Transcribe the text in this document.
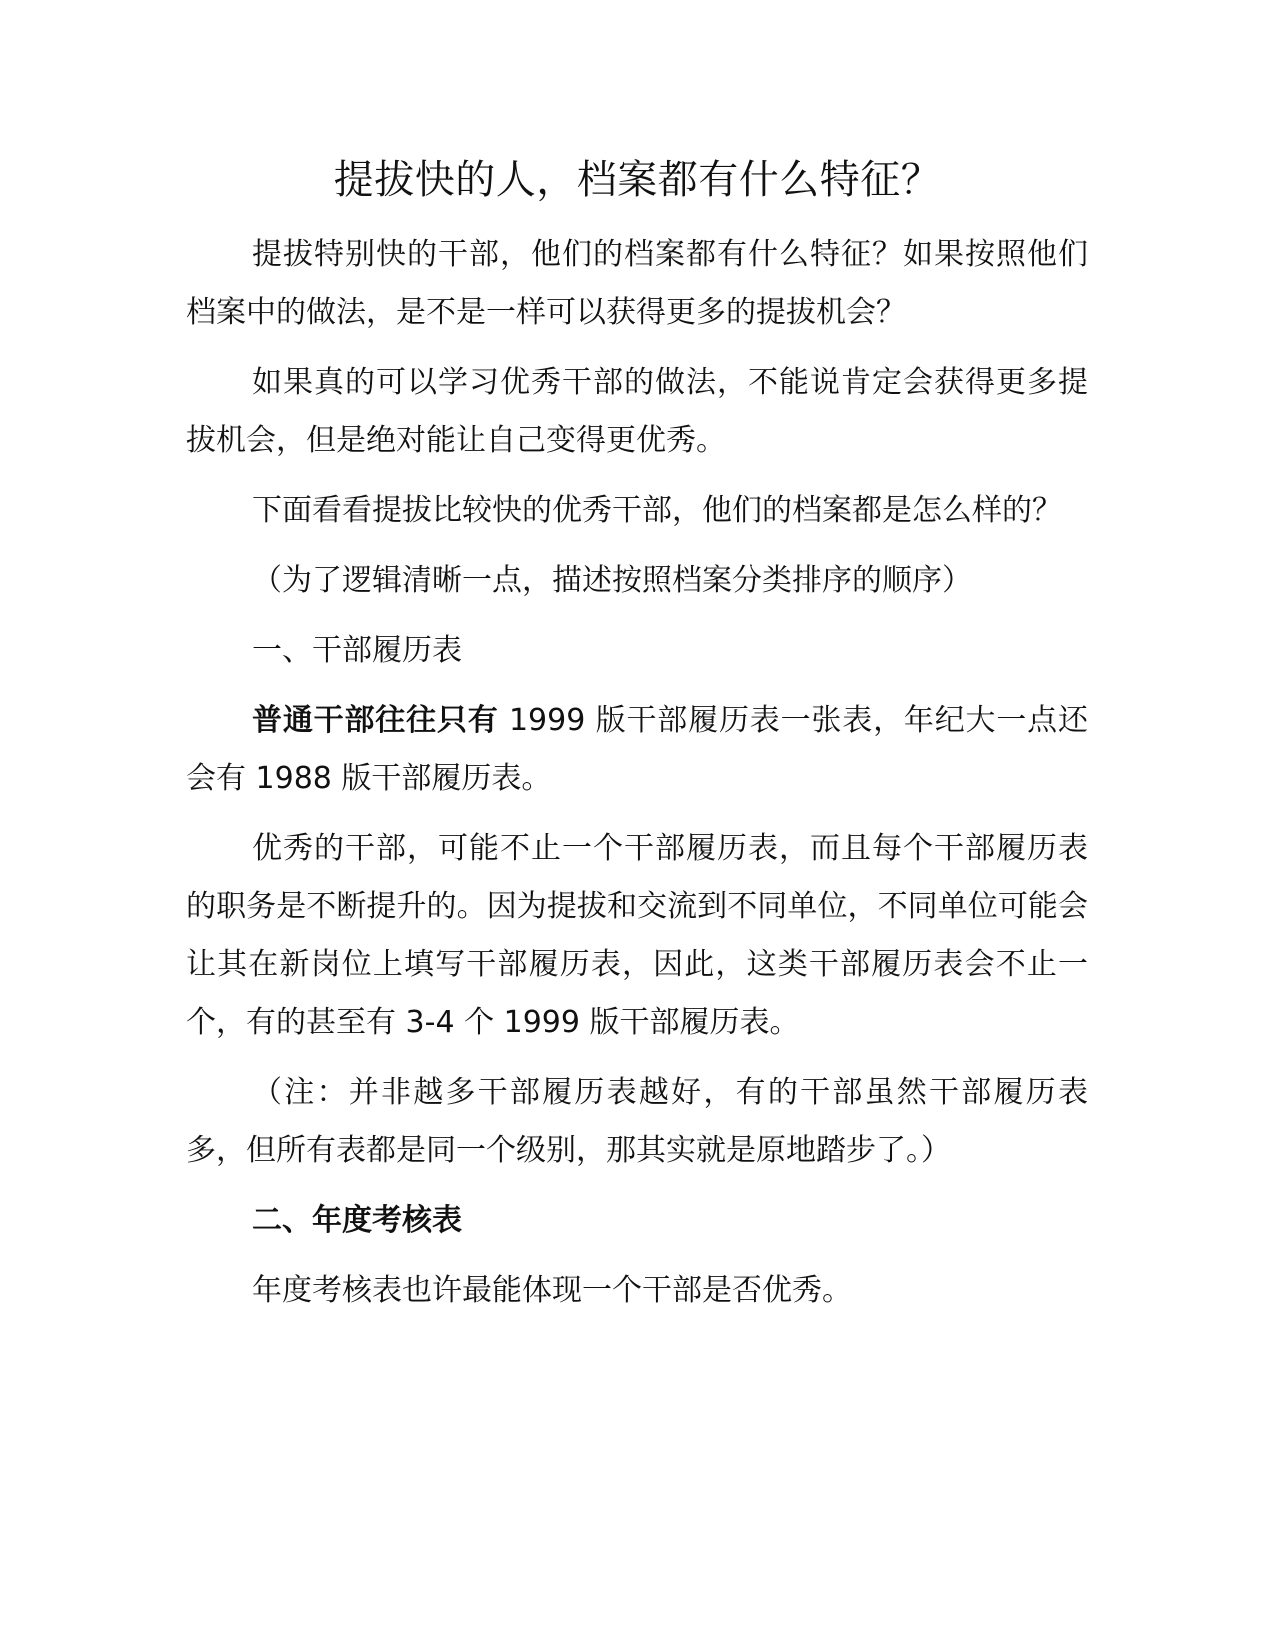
提拔快的人，档案都有什么特征？

提拔特别快的干部，他们的档案都有什么特征？如果按照他们档案中的做法，是不是一样可以获得更多的提拔机会？

如果真的可以学习优秀干部的做法，不能说肯定会获得更多提拔机会，但是绝对能让自己变得更优秀。

下面看看提拔比较快的优秀干部，他们的档案都是怎么样的？

（为了逻辑清晰一点，描述按照档案分类排序的顺序）

一、干部履历表

普通干部往往只有 1999 版干部履历表一张表，年纪大一点还会有 1988 版干部履历表。

优秀的干部，可能不止一个干部履历表，而且每个干部履历表的职务是不断提升的。因为提拔和交流到不同单位，不同单位可能会让其在新岗位上填写干部履历表，因此，这类干部履历表会不止一个，有的甚至有 3-4 个 1999 版干部履历表。

（注：并非越多干部履历表越好，有的干部虽然干部履历表多，但所有表都是同一个级别，那其实就是原地踏步了。）

二、年度考核表

年度考核表也许最能体现一个干部是否优秀。
